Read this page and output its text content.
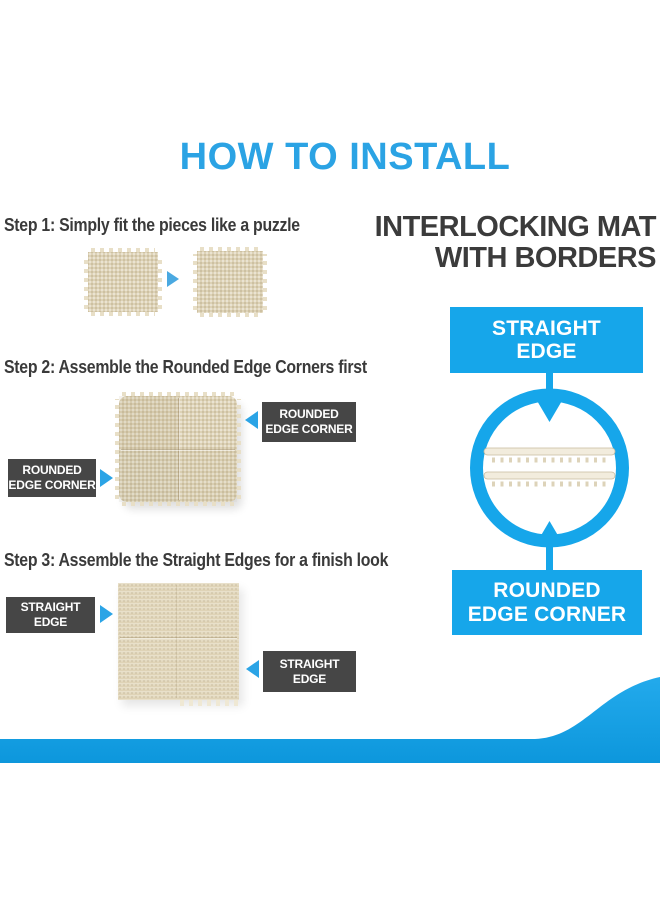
HOW TO INSTALL
Step 1: Simply fit the pieces like a puzzle
Step 2: Assemble the Rounded Edge Corners first
ROUNDED
EDGE CORNER
ROUNDED
EDGE CORNER
Step 3: Assemble the Straight Edges for a finish look
STRAIGHT
EDGE
STRAIGHT
EDGE
INTERLOCKING MAT
WITH BORDERS
STRAIGHT
EDGE
ROUNDED
EDGE CORNER
